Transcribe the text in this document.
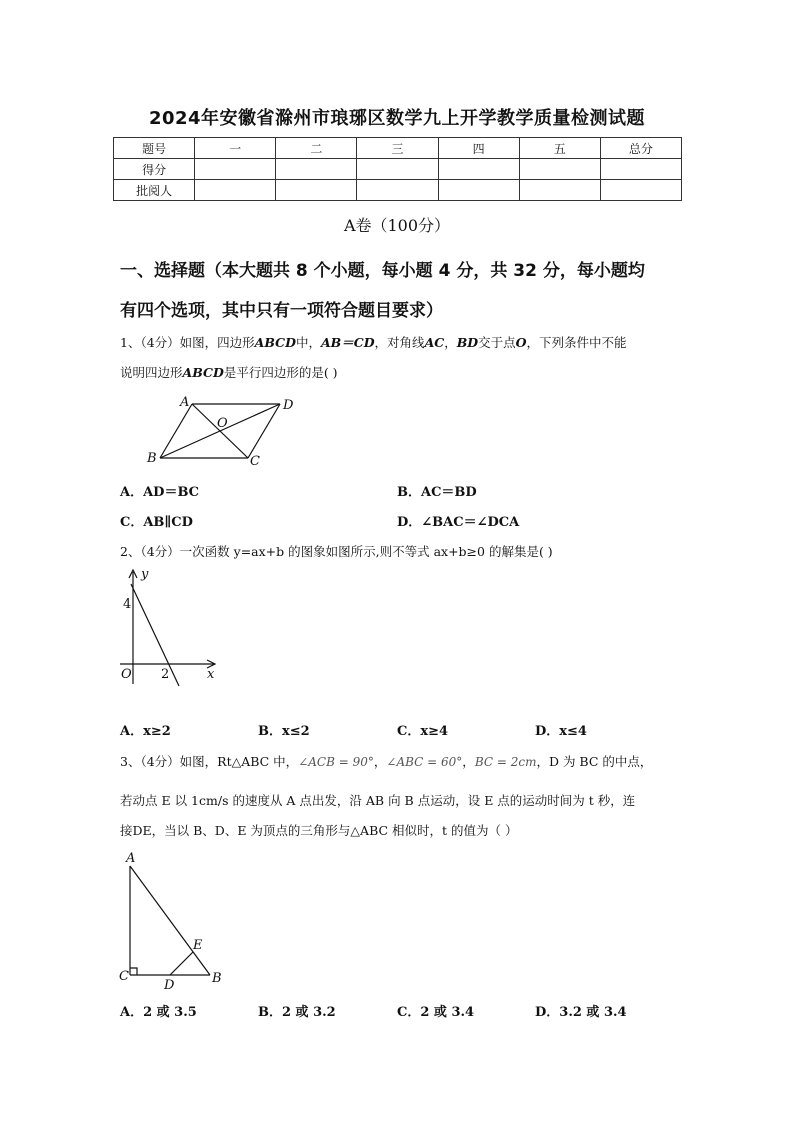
2024年安徽省滁州市琅琊区数学九上开学教学质量检测试题
题号	一	二	三	四	五	总分
得分						
批阅人						
A卷（100分）
一、选择题（本大题共 8 个小题，每小题 4 分，共 32 分，每小题均
有四个选项，其中只有一项符合题目要求）
1、（4分）如图，四边形ABCD中，AB＝CD，对角线AC，BD交于点O，下列条件中不能
说明四边形ABCD是平行四边形的是( )
A	D
O
B	C
A．AD＝BC	B．AC＝BD
C．AB∥CD	D．∠BAC＝∠DCA
2、（4分）一次函数 y=ax+b 的图象如图所示,则不等式 ax+b≥0 的解集是( )
y
x
O
4
2
A．x≥2	B．x≤2	C．x≥4	D．x≤4
3、（4分）如图，Rt△ABC 中，∠ACB = 90°，∠ABC = 60°，BC = 2cm，D 为 BC 的中点，
若动点 E 以 1cm/s 的速度从 A 点出发，沿 AB 向 B 点运动，设 E 点的运动时间为 t 秒，连
接DE，当以 B、D、E 为顶点的三角形与△ABC 相似时，t 的值为（ ）
A
E
C
D	B
A．2 或 3.5	B．2 或 3.2	C．2 或 3.4	D．3.2 或 3.4
